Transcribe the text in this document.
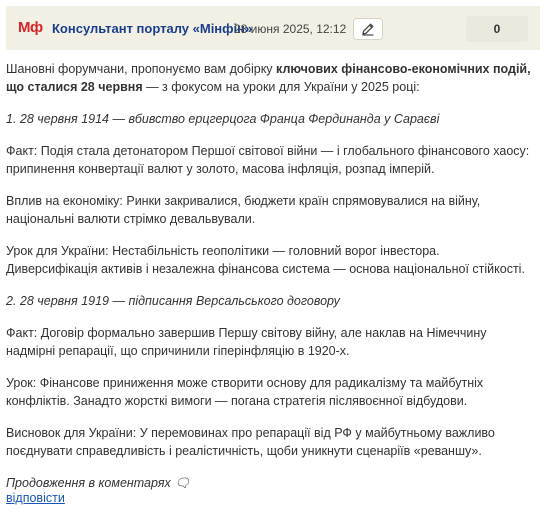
Мф Консультант порталу «Мінфін»
28 июня 2025, 12:12	0

Шановні форумчани, пропонуємо вам добірку ключових фінансово-економічних подій, що сталися 28 червня — з фокусом на уроки для України у 2025 році:

1. 28 червня 1914 — вбивство ерцгерцога Франца Фердинанда у Сараєві

Факт: Подія стала детонатором Першої світової війни — і глобального фінансового хаосу: припинення конвертації валют у золото, масова інфляція, розпад імперій.

Вплив на економіку: Ринки закривалися, бюджети країн спрямовувалися на війну, національні валюти стрімко девальвували.

Урок для України: Нестабільність геополітики — головний ворог інвестора. Диверсифікація активів і незалежна фінансова система — основа національної стійкості.

2. 28 червня 1919 — підписання Версальського договору

Факт: Договір формально завершив Першу світову війну, але наклав на Німеччину надмірні репарації, що спричинили гіперінфляцію в 1920-х.

Урок: Фінансове приниження може створити основу для радикалізму та майбутніх конфліктів. Занадто жорсткі вимоги — погана стратегія післявоєнної відбудови.

Висновок для України: У перемовинах про репарації від РФ у майбутньому важливо поєднувати справедливість і реалістичність, щоби уникнути сценаріїв «реваншу».

Продовження в коментарях 🗨

відповісти
